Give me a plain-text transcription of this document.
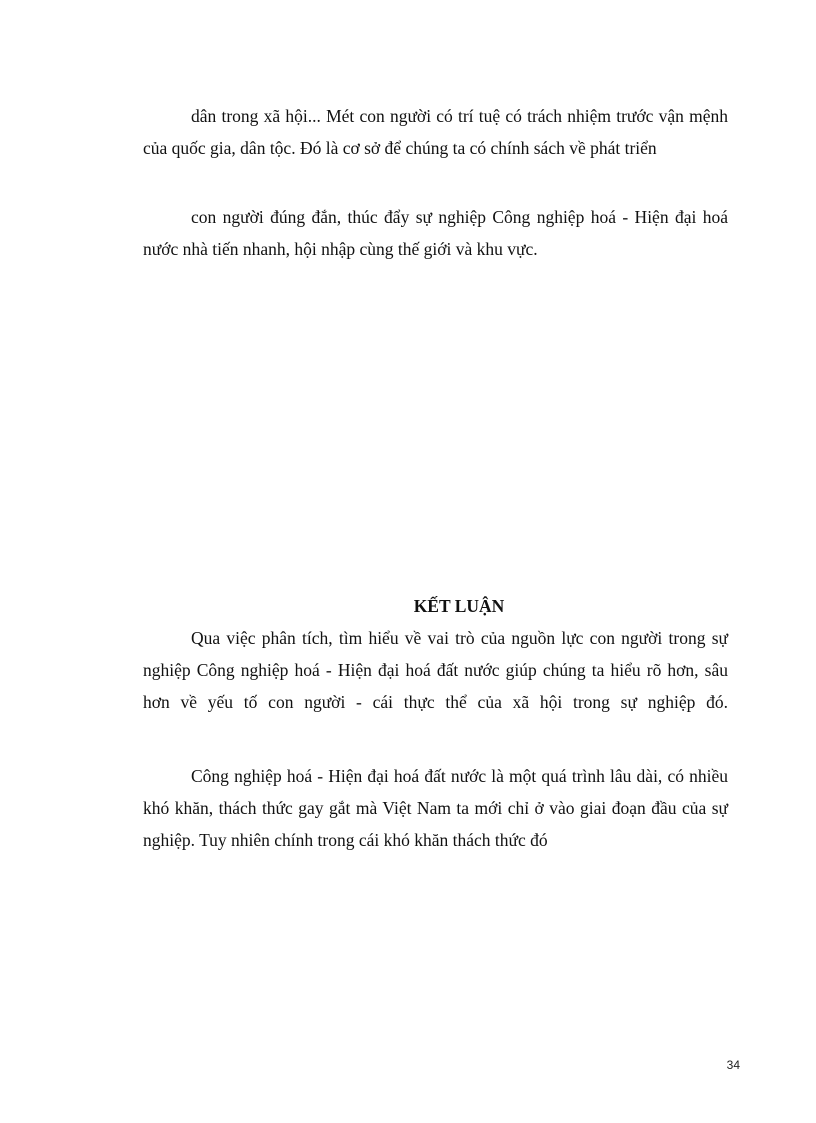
dân trong xã hội... Mét con người có trí tuệ có trách nhiệm trước vận mệnh của quốc gia, dân tộc. Đó là cơ sở để chúng ta có chính sách về phát triển

con người đúng đắn, thúc đẩy sự nghiệp Công nghiệp hoá - Hiện đại hoá nước nhà tiến nhanh, hội nhập cùng thế giới và khu vực.

KẾT LUẬN

Qua việc phân tích, tìm hiểu về vai trò của nguồn lực con người trong sự nghiệp Công nghiệp hoá - Hiện đại hoá đất nước giúp chúng ta hiểu rõ hơn, sâu hơn về yếu tố con người - cái thực thể của xã hội trong sự nghiệp đó.

Công nghiệp hoá - Hiện đại hoá đất nước là một quá trình lâu dài, có nhiều khó khăn, thách thức gay gắt mà Việt Nam ta mới chỉ ở vào giai đoạn đầu của sự nghiệp. Tuy nhiên chính trong cái khó khăn thách thức đó

34
